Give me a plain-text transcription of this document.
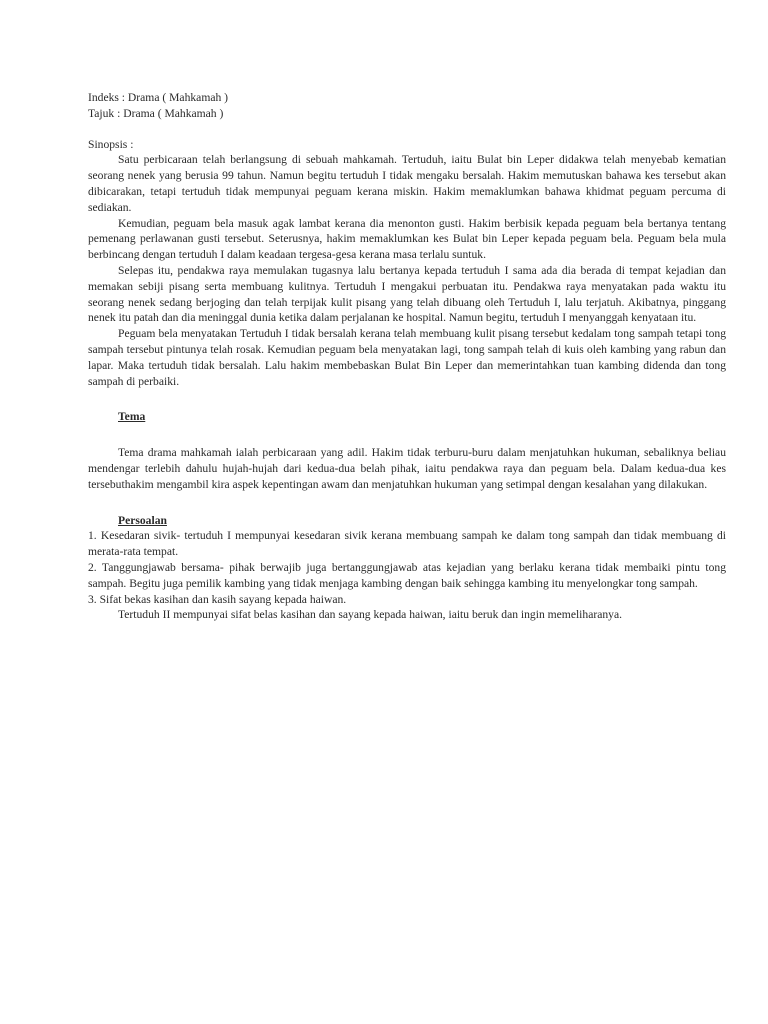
Indeks : Drama ( Mahkamah )

Tajuk : Drama ( Mahkamah )

Sinopsis :

Satu perbicaraan telah berlangsung di sebuah mahkamah. Tertuduh, iaitu Bulat bin Leper didakwa telah menyebab kematian seorang nenek yang berusia 99 tahun. Namun begitu tertuduh I tidak mengaku bersalah. Hakim memutuskan bahawa kes tersebut akan dibicarakan, tetapi tertuduh tidak mempunyai peguam kerana miskin. Hakim memaklumkan bahawa khidmat peguam percuma di sediakan.

Kemudian, peguam bela masuk agak lambat kerana dia menonton gusti. Hakim berbisik kepada peguam bela bertanya tentang pemenang perlawanan gusti tersebut. Seterusnya, hakim memaklumkan kes Bulat bin Leper kepada peguam bela. Peguam bela mula berbincang dengan tertuduh I dalam keadaan tergesa-gesa kerana masa terlalu suntuk.

Selepas itu, pendakwa raya memulakan tugasnya lalu bertanya kepada tertuduh I sama ada dia berada di tempat kejadian dan memakan sebiji pisang serta membuang kulitnya. Tertuduh I mengakui perbuatan itu. Pendakwa raya menyatakan pada waktu itu seorang nenek sedang berjoging dan telah terpijak kulit pisang yang telah dibuang oleh Tertuduh I, lalu terjatuh. Akibatnya, pinggang nenek itu patah dan dia meninggal dunia ketika dalam perjalanan ke hospital. Namun begitu, tertuduh I menyanggah kenyataan itu.

Peguam bela menyatakan Tertuduh I tidak bersalah kerana telah membuang kulit pisang tersebut kedalam tong sampah tetapi tong sampah tersebut pintunya telah rosak. Kemudian peguam bela menyatakan lagi, tong sampah telah di kuis oleh kambing yang rabun dan lapar. Maka tertuduh tidak bersalah. Lalu hakim membebaskan Bulat Bin Leper dan memerintahkan tuan kambing didenda dan tong sampah di perbaiki.

Tema

Tema drama mahkamah ialah perbicaraan yang adil. Hakim tidak terburu-buru dalam menjatuhkan hukuman, sebaliknya beliau mendengar terlebih dahulu hujah-hujah dari kedua-dua belah pihak, iaitu pendakwa raya dan peguam bela. Dalam kedua-dua kes tersebuthakim mengambil kira aspek kepentingan awam dan menjatuhkan hukuman yang setimpal dengan kesalahan yang dilakukan.

Persoalan

1. Kesedaran sivik- tertuduh I mempunyai kesedaran sivik kerana membuang sampah ke dalam tong sampah dan tidak membuang di merata-rata tempat.

2. Tanggungjawab bersama- pihak berwajib juga bertanggungjawab atas kejadian yang berlaku kerana tidak membaiki pintu tong sampah. Begitu juga pemilik kambing yang tidak menjaga kambing dengan baik sehingga kambing itu menyelongkar tong sampah.

3. Sifat bekas kasihan dan kasih sayang kepada haiwan.

Tertuduh II mempunyai sifat belas kasihan dan sayang kepada haiwan, iaitu beruk dan ingin memeliharanya.
